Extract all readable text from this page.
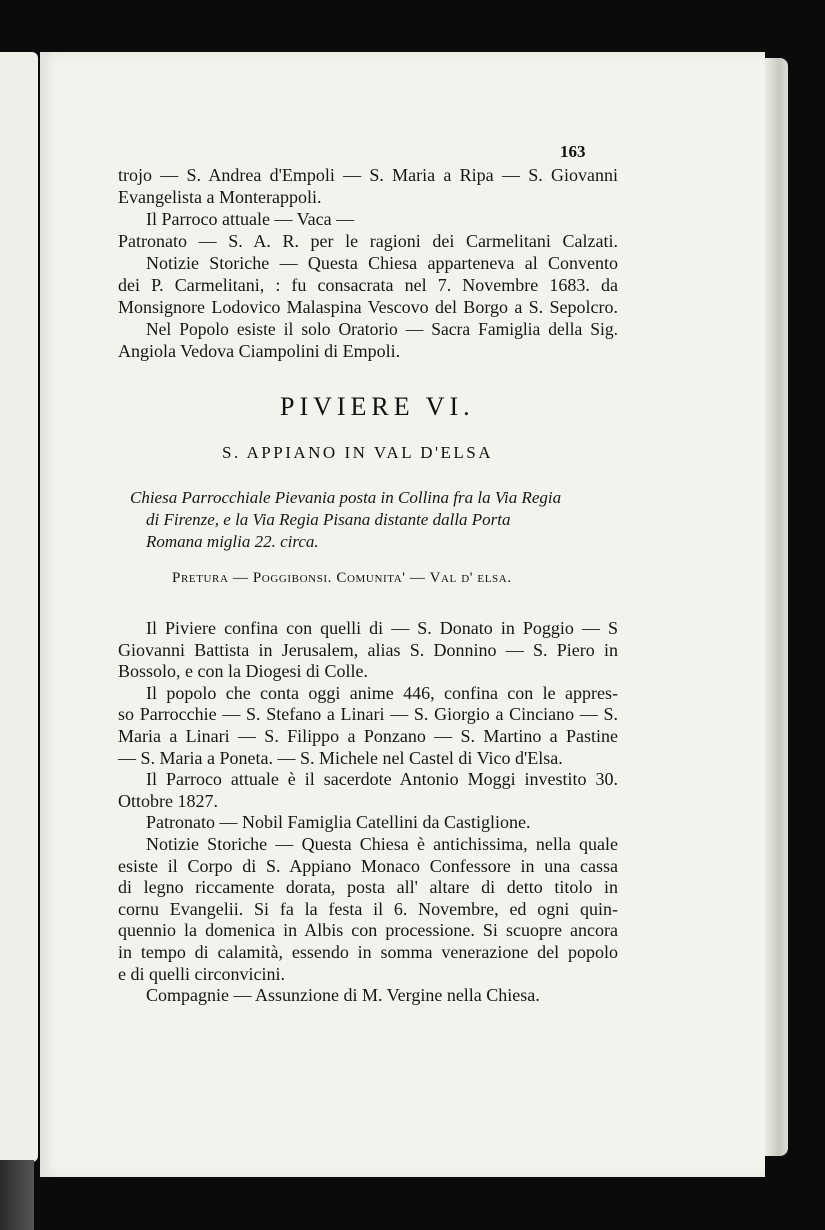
163
trojo — S. Andrea d'Empoli — S. Maria a Ripa — S. Giovanni
Evangelista a Monterappoli.
Il Parroco attuale — Vaca —
Patronato — S. A. R. per le ragioni dei Carmelitani Calzati.
Notizie Storiche — Questa Chiesa apparteneva al Convento
dei P. Carmelitani, : fu consacrata nel 7. Novembre 1683. da
Monsignore Lodovico Malaspina Vescovo del Borgo a S. Sepolcro.
Nel Popolo esiste il solo Oratorio — Sacra Famiglia della Sig.
Angiola Vedova Ciampolini di Empoli.
PIVIERE VI.
S. APPIANO IN VAL D'ELSA
Chiesa Parrocchiale Pievania posta in Collina fra la Via Regia
di Firenze, e la Via Regia Pisana distante dalla Porta
Romana miglia 22. circa.
Pretura — Poggibonsi. Comunita' — Val d' elsa.
Il Piviere confina con quelli di — S. Donato in Poggio — S
Giovanni Battista in Jerusalem, alias S. Donnino — S. Piero in
Bossolo, e con la Diogesi di Colle.
Il popolo che conta oggi anime 446, confina con le appres-
so Parrocchie — S. Stefano a Linari — S. Giorgio a Cinciano — S.
Maria a Linari — S. Filippo a Ponzano — S. Martino a Pastine
— S. Maria a Poneta. — S. Michele nel Castel di Vico d'Elsa.
Il Parroco attuale è il sacerdote Antonio Moggi investito 30.
Ottobre 1827.
Patronato — Nobil Famiglia Catellini da Castiglione.
Notizie Storiche — Questa Chiesa è antichissima, nella quale
esiste il Corpo di S. Appiano Monaco Confessore in una cassa
di legno riccamente dorata, posta all' altare di detto titolo in
cornu Evangelii. Si fa la festa il 6. Novembre, ed ogni quin-
quennio la domenica in Albis con processione. Si scuopre ancora
in tempo di calamità, essendo in somma venerazione del popolo
e di quelli circonvicini.
Compagnie — Assunzione di M. Vergine nella Chiesa.
